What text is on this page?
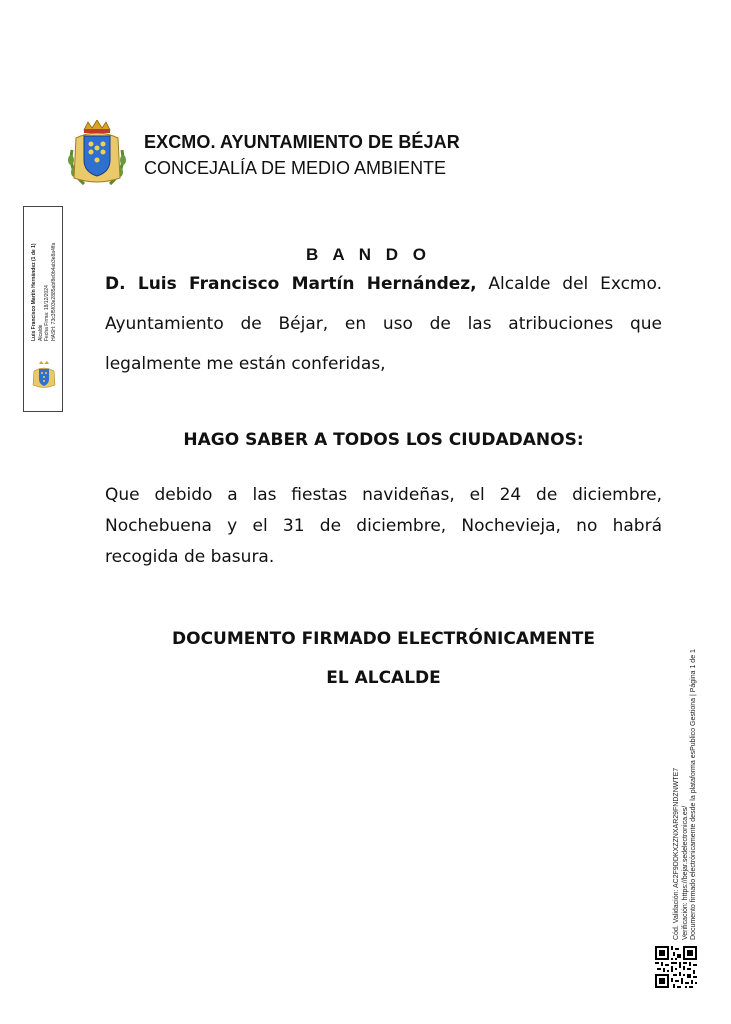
EXCMO. AYUNTAMIENTO DE BÉJAR
CONCEJALÍA DE MEDIO AMBIENTE
Luis Francisco Martín Hernández (1 de 1) Alcalde Fecha Firma: 18/12/2024 HASH: 73c3f5f03e2885abf8e0b4ab3e8a4ffa	B A N D O
D. Luis Francisco Martín Hernández, Alcalde del Excmo. Ayuntamiento de Béjar, en uso de las atribuciones que legalmente me están conferidas,
HAGO SABER A TODOS LOS CIUDADANOS:
Que debido a las fiestas navideñas, el 24 de diciembre, Nochebuena y el 31 de diciembre, Nochevieja, no habrá recogida de basura.
DOCUMENTO FIRMADO ELECTRÓNICAMENTE
EL ALCALDE
Cód. Validación: AC2F9DDKXZZNXAR29FNDZNWTE7 Verificación: https://bejar.sedelectronica.es/ Documento firmado electrónicamente desde la plataforma esPublico Gestiona | Página 1 de 1
